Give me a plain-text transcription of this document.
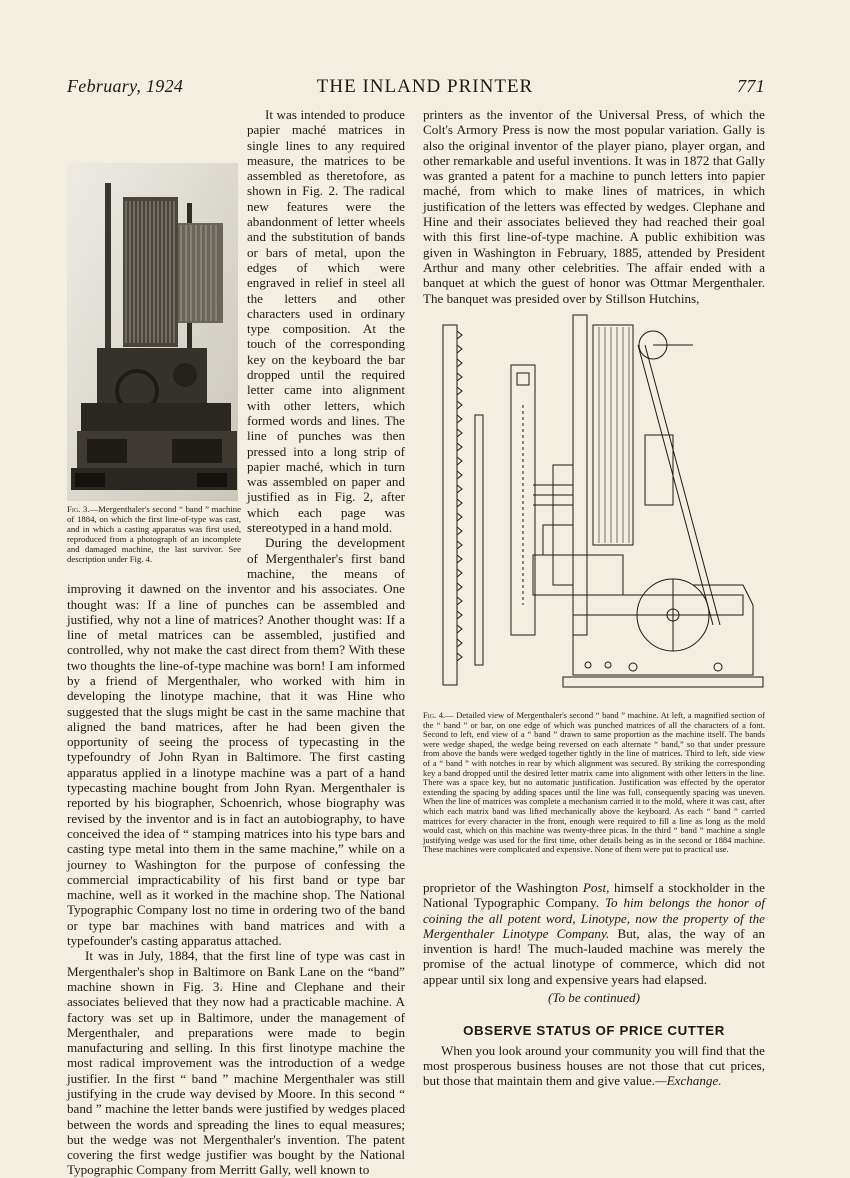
February, 1924	THE INLAND PRINTER	771
Fig. 3.—Mergenthaler's second “ band ” machine of 1884, on which the first line-of-type was cast, and in which a casting apparatus was first used, reproduced from a photograph of an incomplete and damaged machine, the last survivor. See description under Fig. 4.

It was intended to produce papier maché matrices in single lines to any required measure, the matrices to be assembled as theretofore, as shown in Fig. 2. The radical new features were the abandonment of letter wheels and the substitution of bands or bars of metal, upon the edges of which were engraved in relief in steel all the letters and other characters used in ordinary type composition. At the touch of the corresponding key on the keyboard the bar dropped until the required letter came into alignment with other letters, which formed words and lines. The line of punches was then pressed into a long strip of papier maché, which in turn was assembled on paper and justified as in Fig. 2, after which each page was stereotyped in a hand mold.

During the development of Mergenthaler's first band machine, the means of improving it dawned on the inventor and his associates. One thought was: If a line of punches can be assembled and justified, why not a line of matrices? Another thought was: If a line of metal matrices can be assembled, justified and controlled, why not make the cast direct from them? With these two thoughts the line-of-type machine was born! I am informed by a friend of Mergenthaler, who worked with him in developing the linotype machine, that it was Hine who suggested that the slugs might be cast in the same machine that aligned the band matrices, after he had been given the opportunity of seeing the process of typecasting in the typefoundry of John Ryan in Baltimore. The first casting apparatus applied in a linotype machine was a part of a hand typecasting machine bought from John Ryan. Mergenthaler is reported by his biographer, Schoenrich, whose biography was revised by the inventor and is in fact an autobiography, to have conceived the idea of “ stamping matrices into his type bars and casting type metal into them in the same machine,” while on a journey to Washington for the purpose of confessing the commercial impracticability of his first band or type bar machine, well as it worked in the machine shop. The National Typographic Company lost no time in ordering two of the band or type bar machines with band matrices and with a typefounder's casting apparatus attached.

It was in July, 1884, that the first line of type was cast in Mergenthaler's shop in Baltimore on Bank Lane on the “band” machine shown in Fig. 3. Hine and Clephane and their associates believed that they now had a practicable machine. A factory was set up in Baltimore, under the management of Mergenthaler, and preparations were made to begin manufacturing and selling. In this first linotype machine the most radical improvement was the introduction of a wedge justifier. In the first “ band ” machine Mergenthaler was still justifying in the crude way devised by Moore. In this second “ band ” machine the letter bands were justified by wedges placed between the words and spreading the lines to equal measures; but the wedge was not Mergenthaler's invention. The patent covering the first wedge justifier was bought by the National Typographic Company from Merritt Gally, well known to

printers as the inventor of the Universal Press, of which the Colt's Armory Press is now the most popular variation. Gally is also the original inventor of the player piano, player organ, and other remarkable and useful inventions. It was in 1872 that Gally was granted a patent for a machine to punch letters into papier maché, from which to make lines of matrices, in which justification of the letters was effected by wedges. Clephane and Hine and their associates believed they had reached their goal with this first line-of-type machine. A public exhibition was given in Washington in February, 1885, attended by President Arthur and many other celebrities. The affair ended with a banquet at which the guest of honor was Ottmar Mergenthaler. The banquet was presided over by Stillson Hutchins,

Fig. 4.— Detailed view of Mergenthaler's second “ band ” machine. At left, a magnified section of the “ band ” or bar, on one edge of which was punched matrices of all the characters of a font. Second to left, end view of a “ band ” drawn to same proportion as the machine itself. The bands were wedge shaped, the wedge being reversed on each alternate “ band,” so that under pressure from above the bands were wedged together tightly in the line of matrices. Third to left, side view of a “ band ” with notches in rear by which alignment was secured. By striking the corresponding key a band dropped until the desired letter matrix came into alignment with other letters in the line. There was a space key, but no automatic justification. Justification was effected by the operator extending the spacing by adding spaces until the line was full, consequently spacing was uneven. When the line of matrices was complete a mechanism carried it to the mold, where it was cast, after which each matrix band was lifted mechanically above the keyboard. As each “ band ” carried matrices for every character in the front, enough were required to fill a line as long as the mold would cast, which on this machine was twenty-three picas. In the third “ band ” machine a single justifying wedge was used for the first time, other details being as in the second or 1884 machine. These machines were complicated and expensive. None of them were put to practical use.

proprietor of the Washington Post, himself a stockholder in the National Typographic Company. To him belongs the honor of coining the all potent word, Linotype, now the property of the Mergenthaler Linotype Company. But, alas, the way of an invention is hard! The much-lauded machine was merely the promise of the actual linotype of commerce, which did not appear until six long and expensive years had elapsed.

(To be continued)
OBSERVE STATUS OF PRICE CUTTER

When you look around your community you will find that the most prosperous business houses are not those that cut prices, but those that maintain them and give value.—Exchange.
